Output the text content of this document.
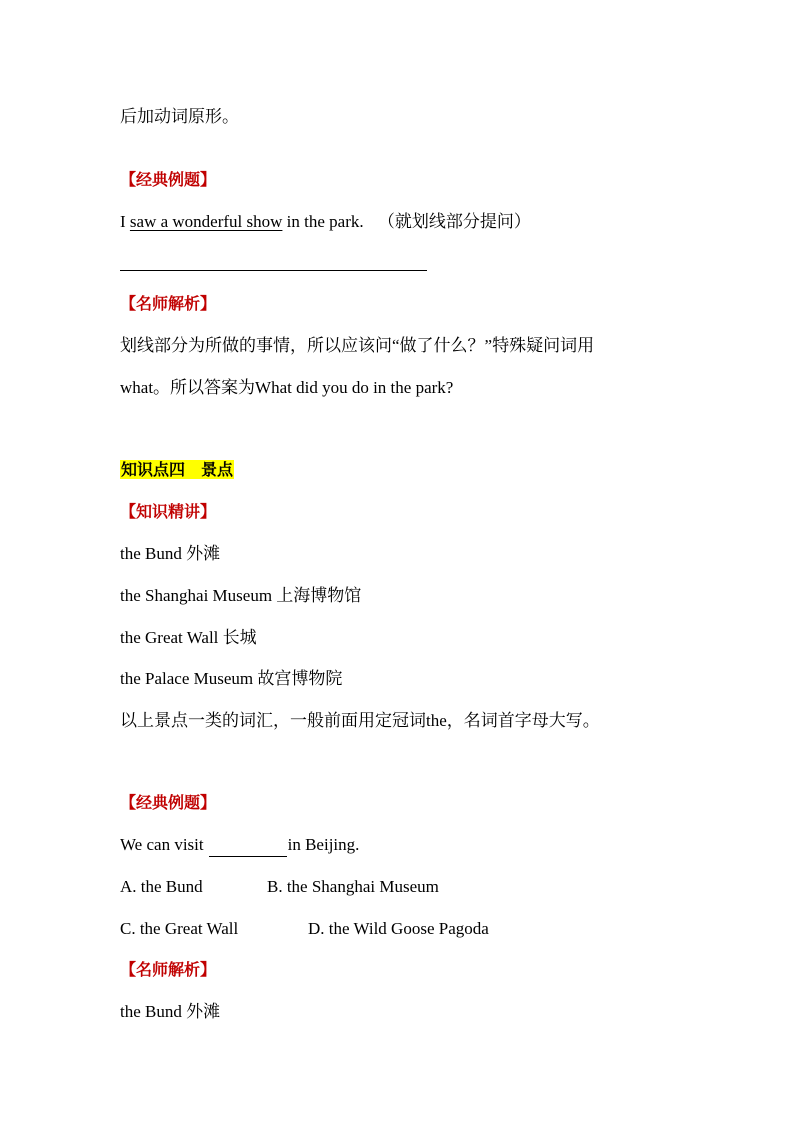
后加动词原形。
【经典例题】
I saw a wonderful show in the park. （就划线部分提问）
【名师解析】
划线部分为所做的事情，所以应该问“做了什么？”特殊疑问词用
what。所以答案为What did you do in the park?
知识点四　景点
【知识精讲】
the Bund 外滩
the Shanghai Museum 上海博物馆
the Great Wall 长城
the Palace Museum 故宫博物院
以上景点一类的词汇，一般前面用定冠词the，名词首字母大写。
【经典例题】
We can visit	in Beijing.
A. the Bund	B. the Shanghai Museum
C. the Great Wall	D. the Wild Goose Pagoda
【名师解析】
the Bund 外滩
